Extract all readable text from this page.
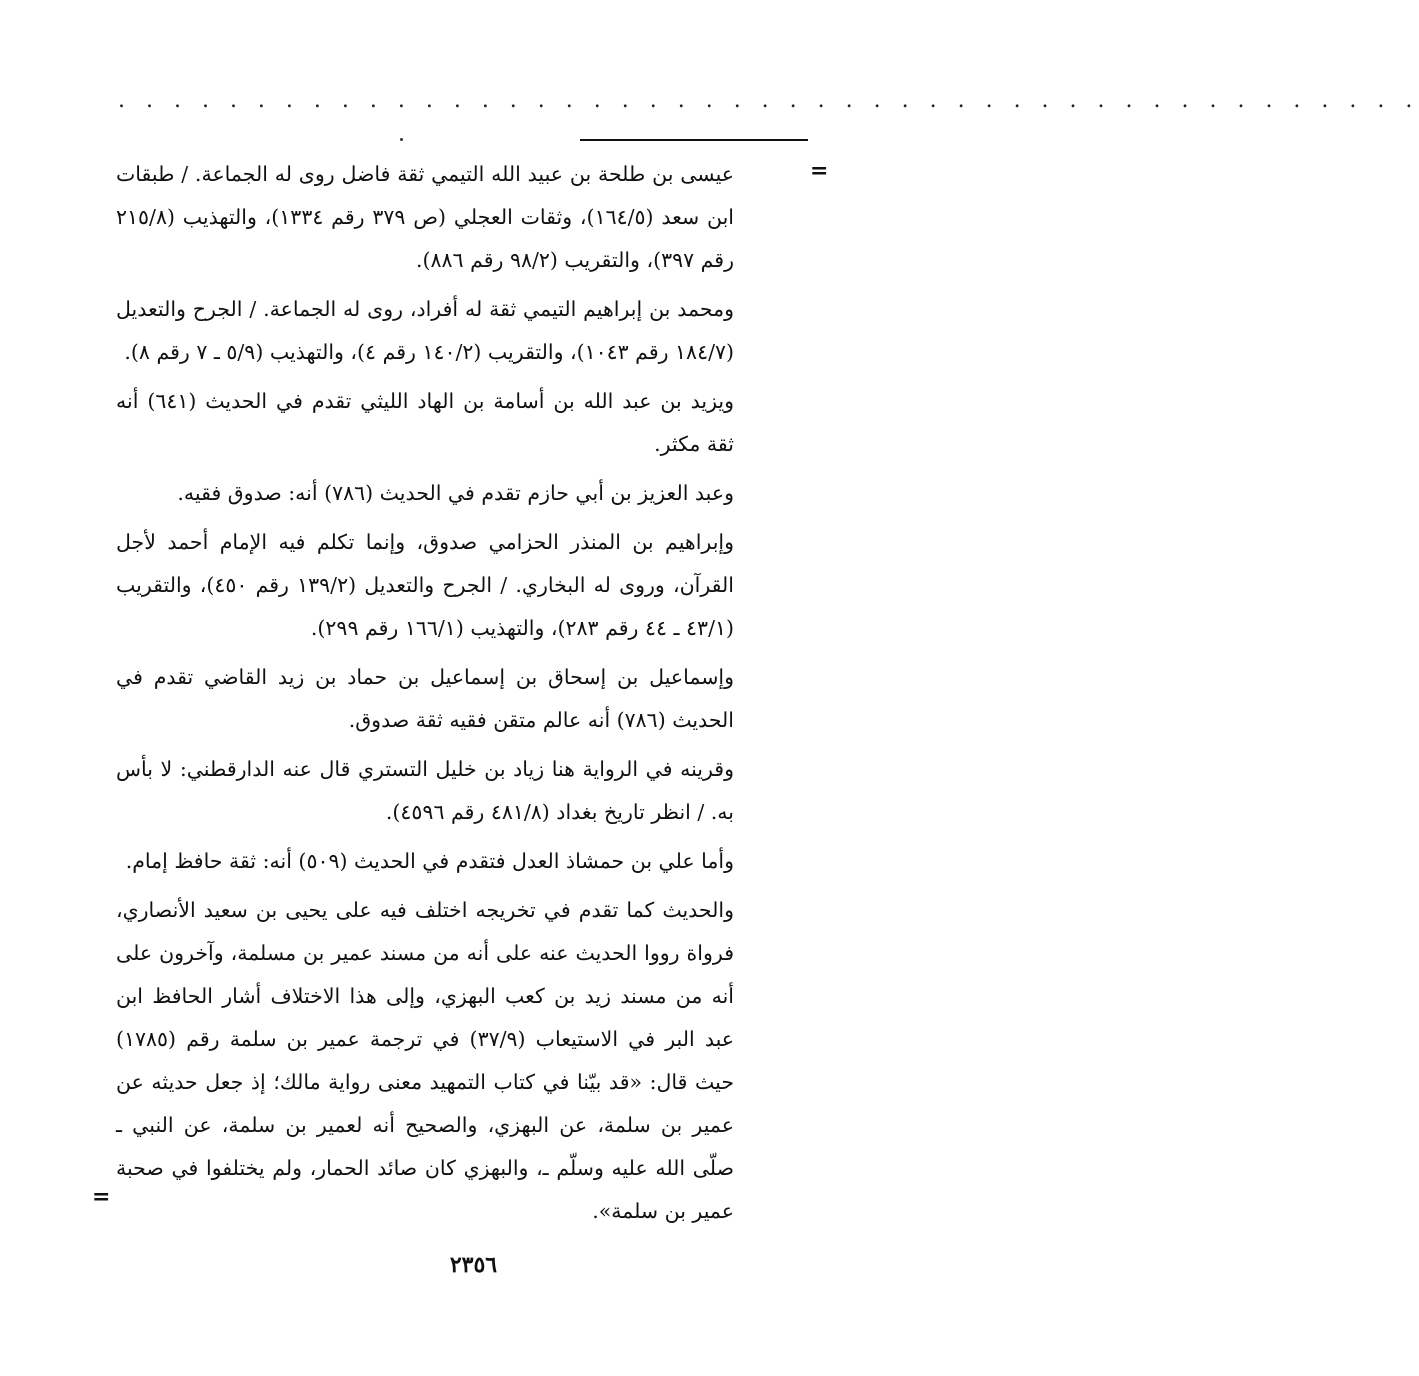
. . . . . . . . . . . . . . . . . . . . . . . . . . . . . . . . . . . . . . . . . . . . . . .
=
=

عيسى بن طلحة بن عبيد الله التيمي ثقة فاضل روى له الجماعة. / طبقات ابن سعد (١٦٤/٥)، وثقات العجلي (ص ٣٧٩ رقم ١٣٣٤)، والتهذيب (٢١٥/٨ رقم ٣٩٧)، والتقريب (٩٨/٢ رقم ٨٨٦).

ومحمد بن إبراهيم التيمي ثقة له أفراد، روى له الجماعة. / الجرح والتعديل (١٨٤/٧ رقم ١٠٤٣)، والتقريب (١٤٠/٢ رقم ٤)، والتهذيب (٥/٩ ـ ٧ رقم ٨).

ويزيد بن عبد الله بن أسامة بن الهاد الليثي تقدم في الحديث (٦٤١) أنه ثقة مكثر.

وعبد العزيز بن أبي حازم تقدم في الحديث (٧٨٦) أنه: صدوق فقيه.

وإبراهيم بن المنذر الحزامي صدوق، وإنما تكلم فيه الإمام أحمد لأجل القرآن، وروى له البخاري. / الجرح والتعديل (١٣٩/٢ رقم ٤٥٠)، والتقريب (٤٣/١ ـ ٤٤ رقم ٢٨٣)، والتهذيب (١٦٦/١ رقم ٢٩٩).

وإسماعيل بن إسحاق بن إسماعيل بن حماد بن زيد القاضي تقدم في الحديث (٧٨٦) أنه عالم متقن فقيه ثقة صدوق.

وقرينه في الرواية هنا زياد بن خليل التستري قال عنه الدارقطني: لا بأس به. / انظر تاريخ بغداد (٤٨١/٨ رقم ٤٥٩٦).

وأما علي بن حمشاذ العدل فتقدم في الحديث (٥٠٩) أنه: ثقة حافظ إمام.

والحديث كما تقدم في تخريجه اختلف فيه على يحيى بن سعيد الأنصاري، فرواة رووا الحديث عنه على أنه من مسند عمير بن مسلمة، وآخرون على أنه من مسند زيد بن كعب البهزي، وإلى هذا الاختلاف أشار الحافظ ابن عبد البر في الاستيعاب (٣٧/٩) في ترجمة عمير بن سلمة رقم (١٧٨٥) حيث قال: «قد بيّنا في كتاب التمهيد معنى رواية مالك؛ إذ جعل حديثه عن عمير بن سلمة، عن البهزي، والصحيح أنه لعمير بن سلمة، عن النبي ـ صلّى الله عليه وسلّم ـ، والبهزي كان صائد الحمار، ولم يختلفوا في صحبة عمير بن سلمة».

٢٣٥٦
